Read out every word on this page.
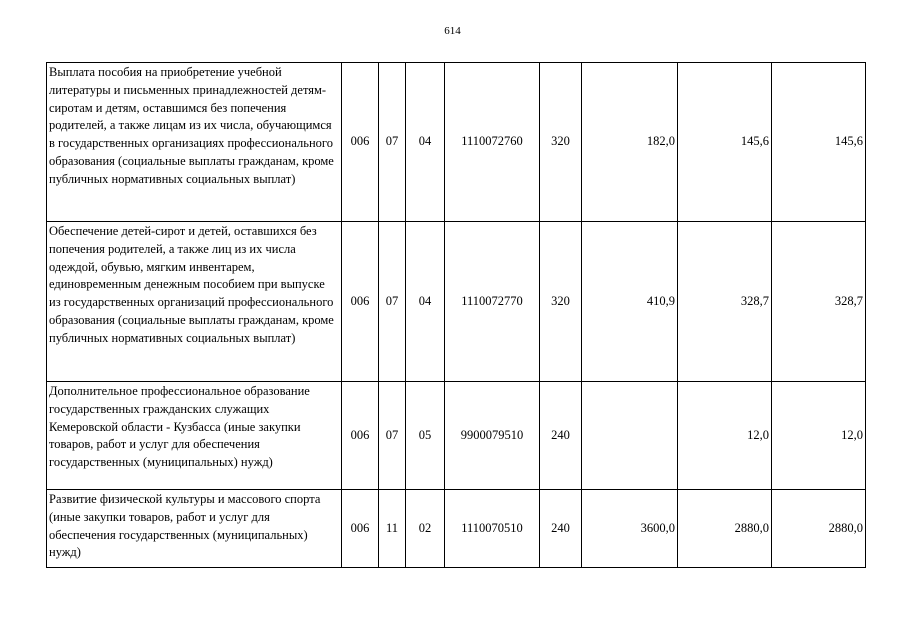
614
Выплата пособия на приобретение учебной литературы и письменных принадлежностей детям-сиротам и детям, оставшимся без попечения родителей, а также лицам из их числа, обучающимся в государственных организациях профессионального образования (социальные выплаты гражданам, кроме публичных нормативных социальных выплат)	006	07	04	1110072760	320	182,0	145,6	145,6
Обеспечение детей-сирот и детей, оставшихся без попечения родителей, а также лиц из их числа одеждой, обувью, мягким инвентарем, единовременным денежным пособием при выпуске из государственных организаций профессионального образования (социальные выплаты гражданам, кроме публичных нормативных социальных выплат)	006	07	04	1110072770	320	410,9	328,7	328,7
Дополнительное профессиональное образование государственных гражданских служащих Кемеровской области - Кузбасса (иные закупки товаров, работ и услуг для обеспечения государственных (муниципальных) нужд)	006	07	05	9900079510	240		12,0	12,0
Развитие физической культуры и массового спорта (иные закупки товаров, работ и услуг для обеспечения государственных (муниципальных) нужд)	006	11	02	1110070510	240	3600,0	2880,0	2880,0
